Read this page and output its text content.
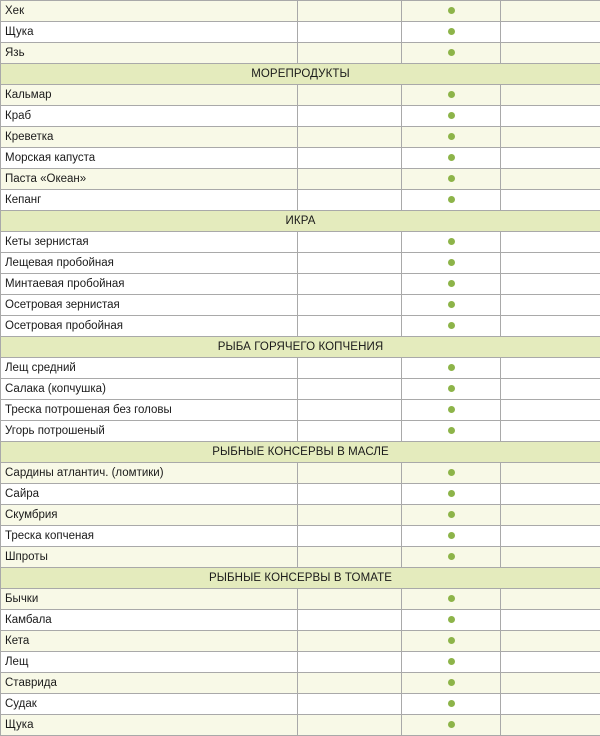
Хек			
Щука			
Язь			
МОРЕПРОДУКТЫ			
Кальмар			
Краб			
Креветка			
Морская капуста			
Паста «Океан»			
Кепанг			
ИКРА			
Кеты зернистая			
Лещевая пробойная			
Минтаевая пробойная			
Осетровая зернистая			
Осетровая пробойная			
РЫБА ГОРЯЧЕГО КОПЧЕНИЯ			
Лещ средний			
Салака (копчушка)			
Треска потрошеная без головы			
Угорь потрошеный			
РЫБНЫЕ КОНСЕРВЫ В МАСЛЕ			
Сардины атлантич. (ломтики)			
Сайра			
Скумбрия			
Треска копченая			
Шпроты			
РЫБНЫЕ КОНСЕРВЫ В ТОМАТЕ			
Бычки			
Камбала			
Кета			
Лещ			
Ставрида			
Судак			
Щука			
